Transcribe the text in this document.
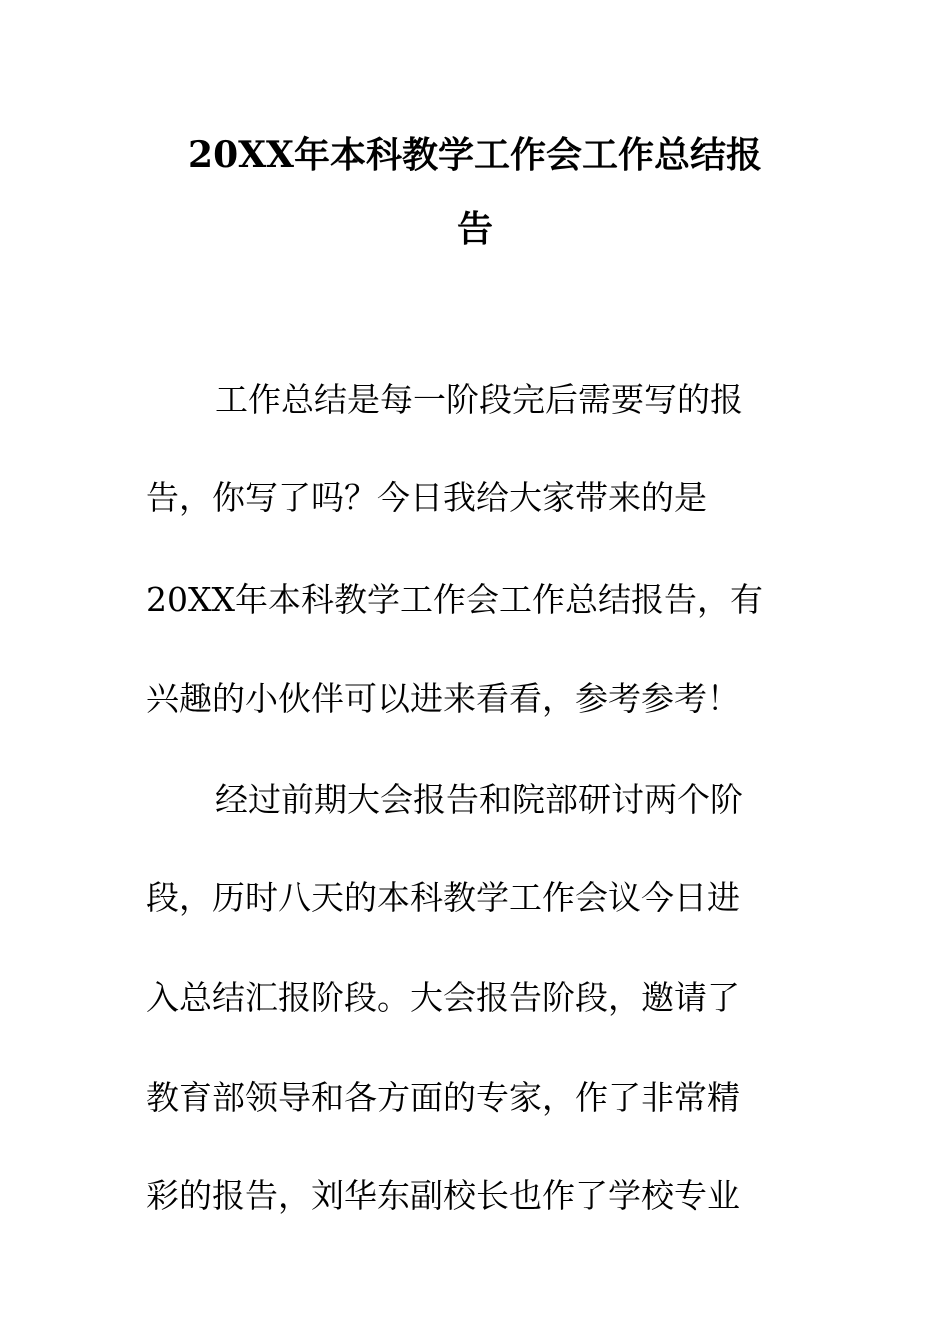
20XX年本科教学工作会工作总结报
告
工作总结是每一阶段完后需要写的报
告，你写了吗？今日我给大家带来的是
20XX年本科教学工作会工作总结报告，有
兴趣的小伙伴可以进来看看，参考参考！
经过前期大会报告和院部研讨两个阶
段，历时八天的本科教学工作会议今日进
入总结汇报阶段。大会报告阶段，邀请了
教育部领导和各方面的专家，作了非常精
彩的报告，刘华东副校长也作了学校专业
